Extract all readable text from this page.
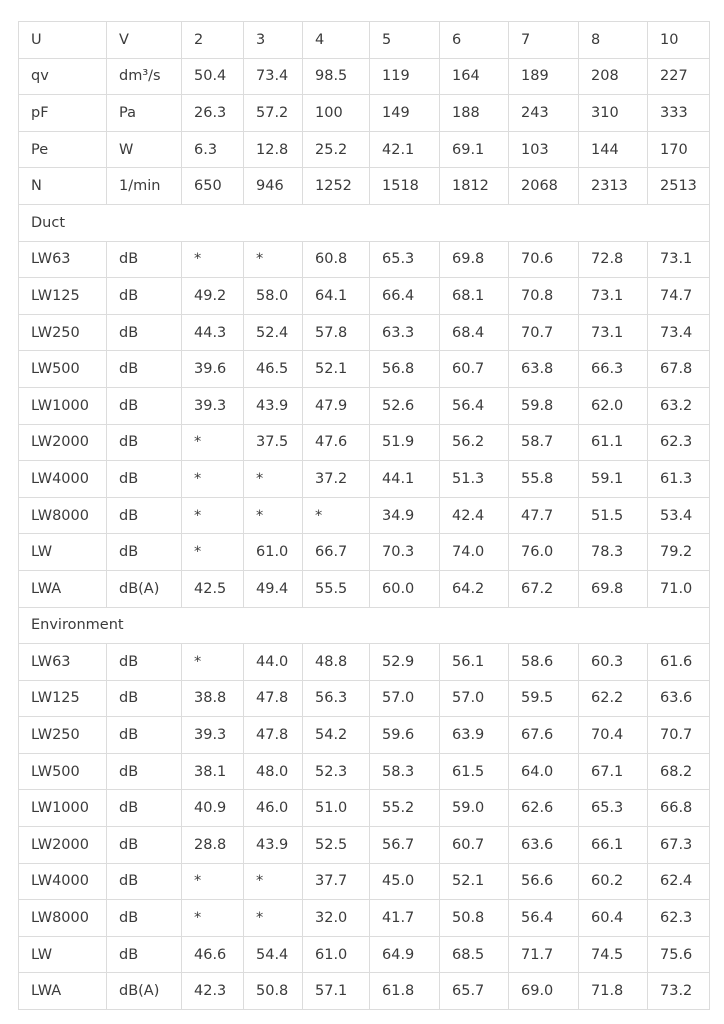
U	V	2	3	4	5	6	7	8	10
qv	dm³/s	50.4	73.4	98.5	119	164	189	208	227
pF	Pa	26.3	57.2	100	149	188	243	310	333
Pe	W	6.3	12.8	25.2	42.1	69.1	103	144	170
N	1/min	650	946	1252	1518	1812	2068	2313	2513
Duct									
LW63	dB	*	*	60.8	65.3	69.8	70.6	72.8	73.1
LW125	dB	49.2	58.0	64.1	66.4	68.1	70.8	73.1	74.7
LW250	dB	44.3	52.4	57.8	63.3	68.4	70.7	73.1	73.4
LW500	dB	39.6	46.5	52.1	56.8	60.7	63.8	66.3	67.8
LW1000	dB	39.3	43.9	47.9	52.6	56.4	59.8	62.0	63.2
LW2000	dB	*	37.5	47.6	51.9	56.2	58.7	61.1	62.3
LW4000	dB	*	*	37.2	44.1	51.3	55.8	59.1	61.3
LW8000	dB	*	*	*	34.9	42.4	47.7	51.5	53.4
LW	dB	*	61.0	66.7	70.3	74.0	76.0	78.3	79.2
LWA	dB(A)	42.5	49.4	55.5	60.0	64.2	67.2	69.8	71.0
Environment									
LW63	dB	*	44.0	48.8	52.9	56.1	58.6	60.3	61.6
LW125	dB	38.8	47.8	56.3	57.0	57.0	59.5	62.2	63.6
LW250	dB	39.3	47.8	54.2	59.6	63.9	67.6	70.4	70.7
LW500	dB	38.1	48.0	52.3	58.3	61.5	64.0	67.1	68.2
LW1000	dB	40.9	46.0	51.0	55.2	59.0	62.6	65.3	66.8
LW2000	dB	28.8	43.9	52.5	56.7	60.7	63.6	66.1	67.3
LW4000	dB	*	*	37.7	45.0	52.1	56.6	60.2	62.4
LW8000	dB	*	*	32.0	41.7	50.8	56.4	60.4	62.3
LW	dB	46.6	54.4	61.0	64.9	68.5	71.7	74.5	75.6
LWA	dB(A)	42.3	50.8	57.1	61.8	65.7	69.0	71.8	73.2
